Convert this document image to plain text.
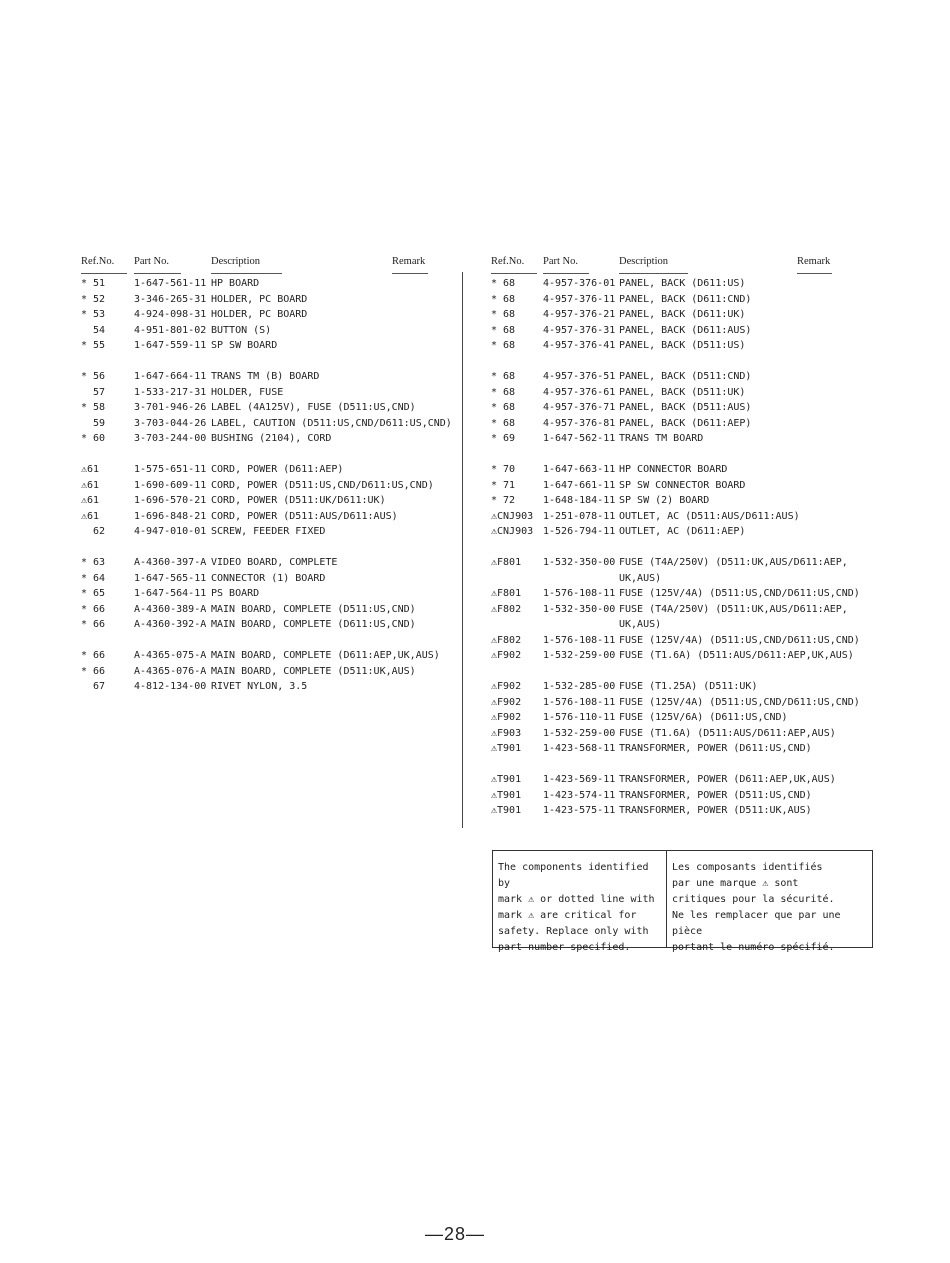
Ref.No. Part No.	Description	Remark
* 51	1-647-561-11 HP BOARD
* 52	3-346-265-31 HOLDER, PC BOARD
* 53	4-924-098-31 HOLDER, PC BOARD
54	4-951-801-02 BUTTON (S)
* 55	1-647-559-11 SP SW BOARD
* 56	1-647-664-11 TRANS TM (B) BOARD
57	1-533-217-31 HOLDER, FUSE
* 58	3-701-946-26 LABEL (4A125V), FUSE (D511:US,CND)
59	3-703-044-26 LABEL, CAUTION (D511:US,CND/D611:US,CND)
* 60	3-703-244-00 BUSHING (2104), CORD
⚠61	1-575-651-11 CORD, POWER (D611:AEP)
⚠61	1-690-609-11 CORD, POWER (D511:US,CND/D611:US,CND)
⚠61	1-696-570-21 CORD, POWER (D511:UK/D611:UK)
⚠61	1-696-848-21 CORD, POWER (D511:AUS/D611:AUS)
62	4-947-010-01 SCREW, FEEDER FIXED
* 63	A-4360-397-A VIDEO BOARD, COMPLETE
* 64	1-647-565-11 CONNECTOR (1) BOARD
* 65	1-647-564-11 PS BOARD
* 66	A-4360-389-A MAIN BOARD, COMPLETE (D511:US,CND)
* 66	A-4360-392-A MAIN BOARD, COMPLETE (D611:US,CND)
* 66	A-4365-075-A MAIN BOARD, COMPLETE (D611:AEP,UK,AUS)
* 66	A-4365-076-A MAIN BOARD, COMPLETE (D511:UK,AUS)
67	4-812-134-00 RIVET NYLON, 3.5
Ref.No. Part No.	Description	Remark
* 68	4-957-376-01 PANEL, BACK (D611:US)
* 68	4-957-376-11 PANEL, BACK (D611:CND)
* 68	4-957-376-21 PANEL, BACK (D611:UK)
* 68	4-957-376-31 PANEL, BACK (D611:AUS)
* 68	4-957-376-41 PANEL, BACK (D511:US)
* 68	4-957-376-51 PANEL, BACK (D511:CND)
* 68	4-957-376-61 PANEL, BACK (D511:UK)
* 68	4-957-376-71 PANEL, BACK (D511:AUS)
* 68	4-957-376-81 PANEL, BACK (D611:AEP)
* 69	1-647-562-11 TRANS TM BOARD
* 70	1-647-663-11 HP CONNECTOR BOARD
* 71	1-647-661-11 SP SW CONNECTOR BOARD
* 72	1-648-184-11 SP SW (2) BOARD
⚠CNJ903 1-251-078-11 OUTLET, AC (D511:AUS/D611:AUS)
⚠CNJ903 1-526-794-11 OUTLET, AC (D611:AEP)
⚠F801 1-532-350-00 FUSE (T4A/250V) (D511:UK,AUS/D611:AEP,
UK,AUS)
⚠F801 1-576-108-11 FUSE (125V/4A) (D511:US,CND/D611:US,CND)
⚠F802 1-532-350-00 FUSE (T4A/250V) (D511:UK,AUS/D611:AEP,
UK,AUS)
⚠F802 1-576-108-11 FUSE (125V/4A) (D511:US,CND/D611:US,CND)
⚠F902 1-532-259-00 FUSE (T1.6A) (D511:AUS/D611:AEP,UK,AUS)
⚠F902 1-532-285-00 FUSE (T1.25A) (D511:UK)
⚠F902 1-576-108-11 FUSE (125V/4A) (D511:US,CND/D611:US,CND)
⚠F902 1-576-110-11 FUSE (125V/6A) (D611:US,CND)
⚠F903 1-532-259-00 FUSE (T1.6A) (D511:AUS/D611:AEP,AUS)
⚠T901 1-423-568-11 TRANSFORMER, POWER (D611:US,CND)
⚠T901 1-423-569-11 TRANSFORMER, POWER (D611:AEP,UK,AUS)
⚠T901 1-423-574-11 TRANSFORMER, POWER (D511:US,CND)
⚠T901 1-423-575-11 TRANSFORMER, POWER (D511:UK,AUS)
The components identified by
mark ⚠ or dotted line with
mark ⚠ are critical for
safety. Replace only with
part number specified.
Les composants identifiés
par une marque ⚠ sont
critiques pour la sécurité.
Ne les remplacer que par une pièce
portant le numéro spécifié.
—28—
